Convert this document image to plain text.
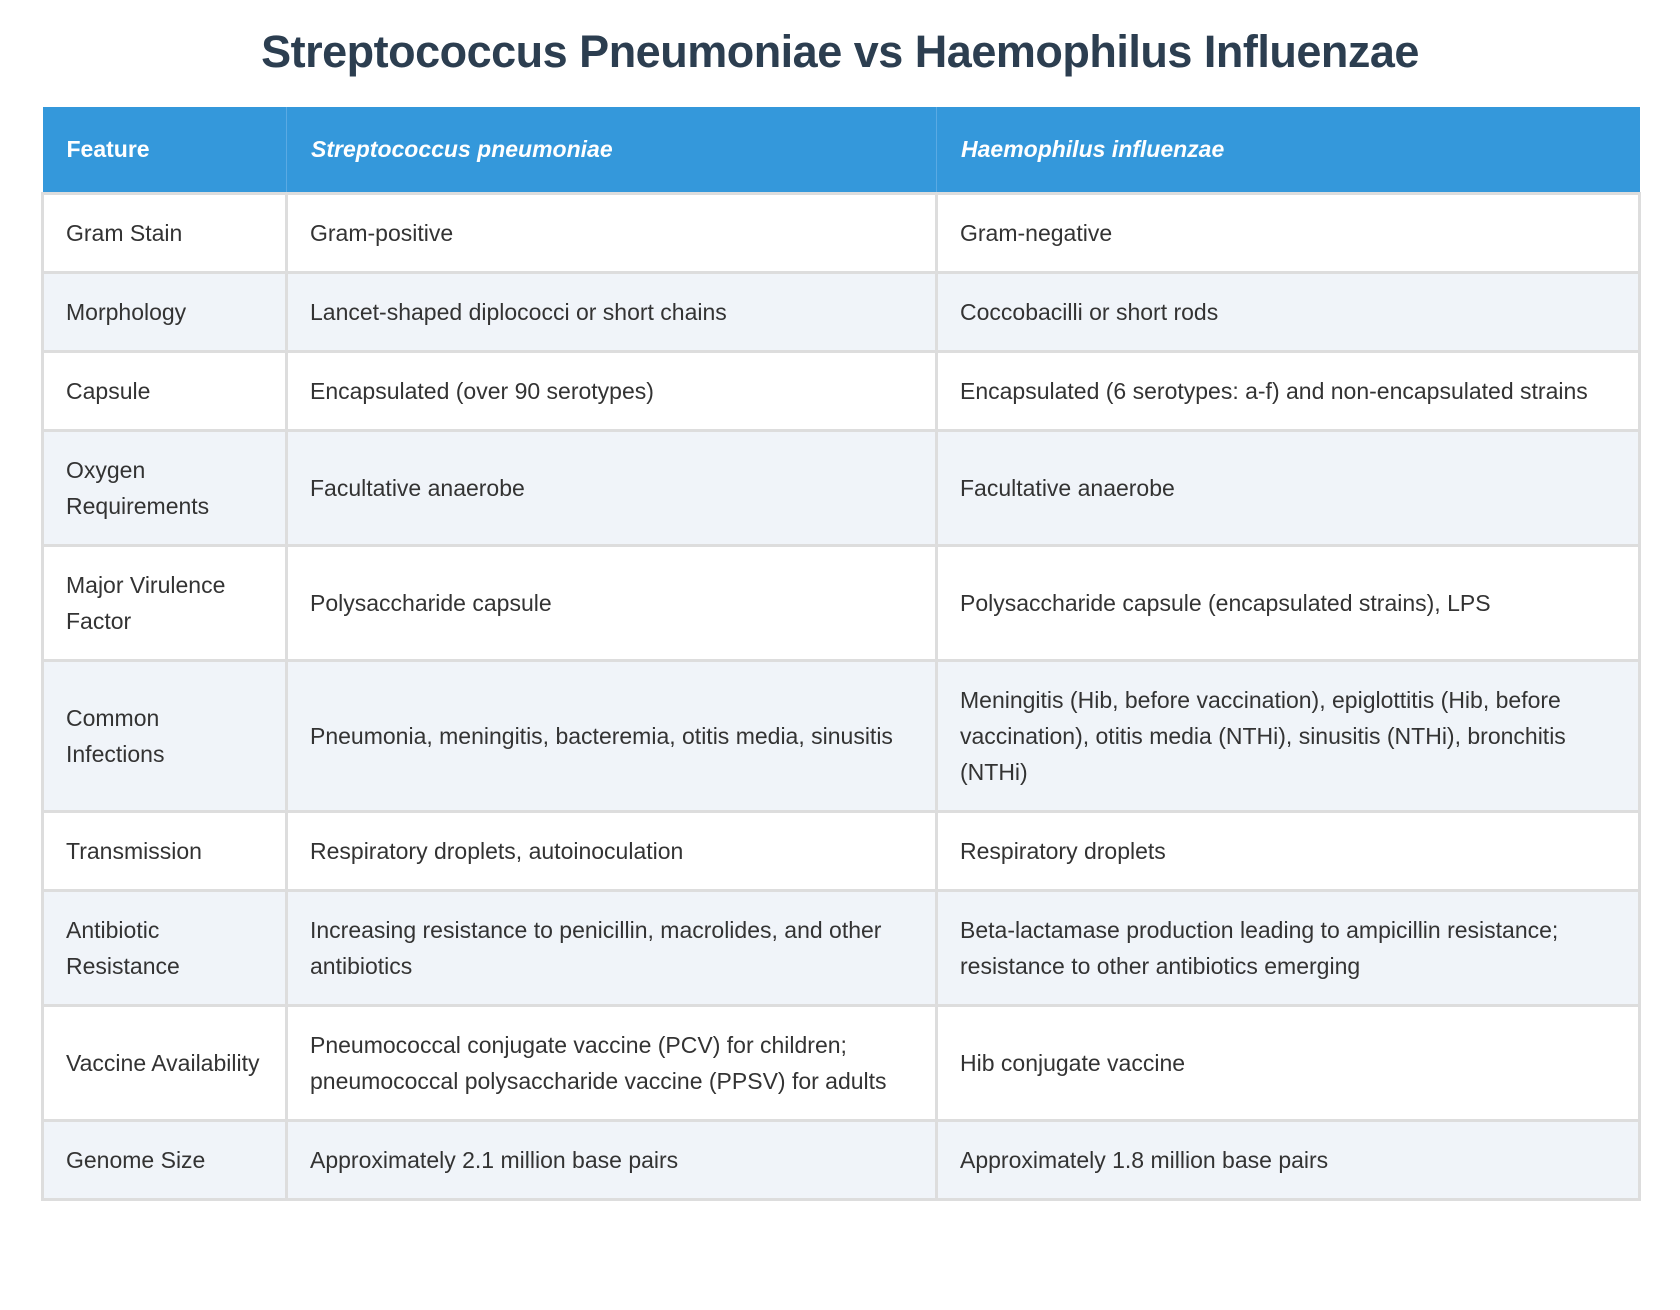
Streptococcus Pneumoniae vs Haemophilus Influenzae
Feature	Streptococcus pneumoniae	Haemophilus influenzae
Gram Stain	Gram-positive	Gram-negative
Morphology	Lancet-shaped diplococci or short chains	Coccobacilli or short rods
Capsule	Encapsulated (over 90 serotypes)	Encapsulated (6 serotypes: a-f) and non-encapsulated strains
Oxygen Requirements	Facultative anaerobe	Facultative anaerobe
Major Virulence Factor	Polysaccharide capsule	Polysaccharide capsule (encapsulated strains), LPS
Common Infections	Pneumonia, meningitis, bacteremia, otitis media, sinusitis	Meningitis (Hib, before vaccination), epiglottitis (Hib, before vaccination), otitis media (NTHi), sinusitis (NTHi), bronchitis (NTHi)
Transmission	Respiratory droplets, autoinoculation	Respiratory droplets
Antibiotic Resistance	Increasing resistance to penicillin, macrolides, and other antibiotics	Beta-lactamase production leading to ampicillin resistance; resistance to other antibiotics emerging
Vaccine Availability	Pneumococcal conjugate vaccine (PCV) for children; pneumococcal polysaccharide vaccine (PPSV) for adults	Hib conjugate vaccine
Genome Size	Approximately 2.1 million base pairs	Approximately 1.8 million base pairs
